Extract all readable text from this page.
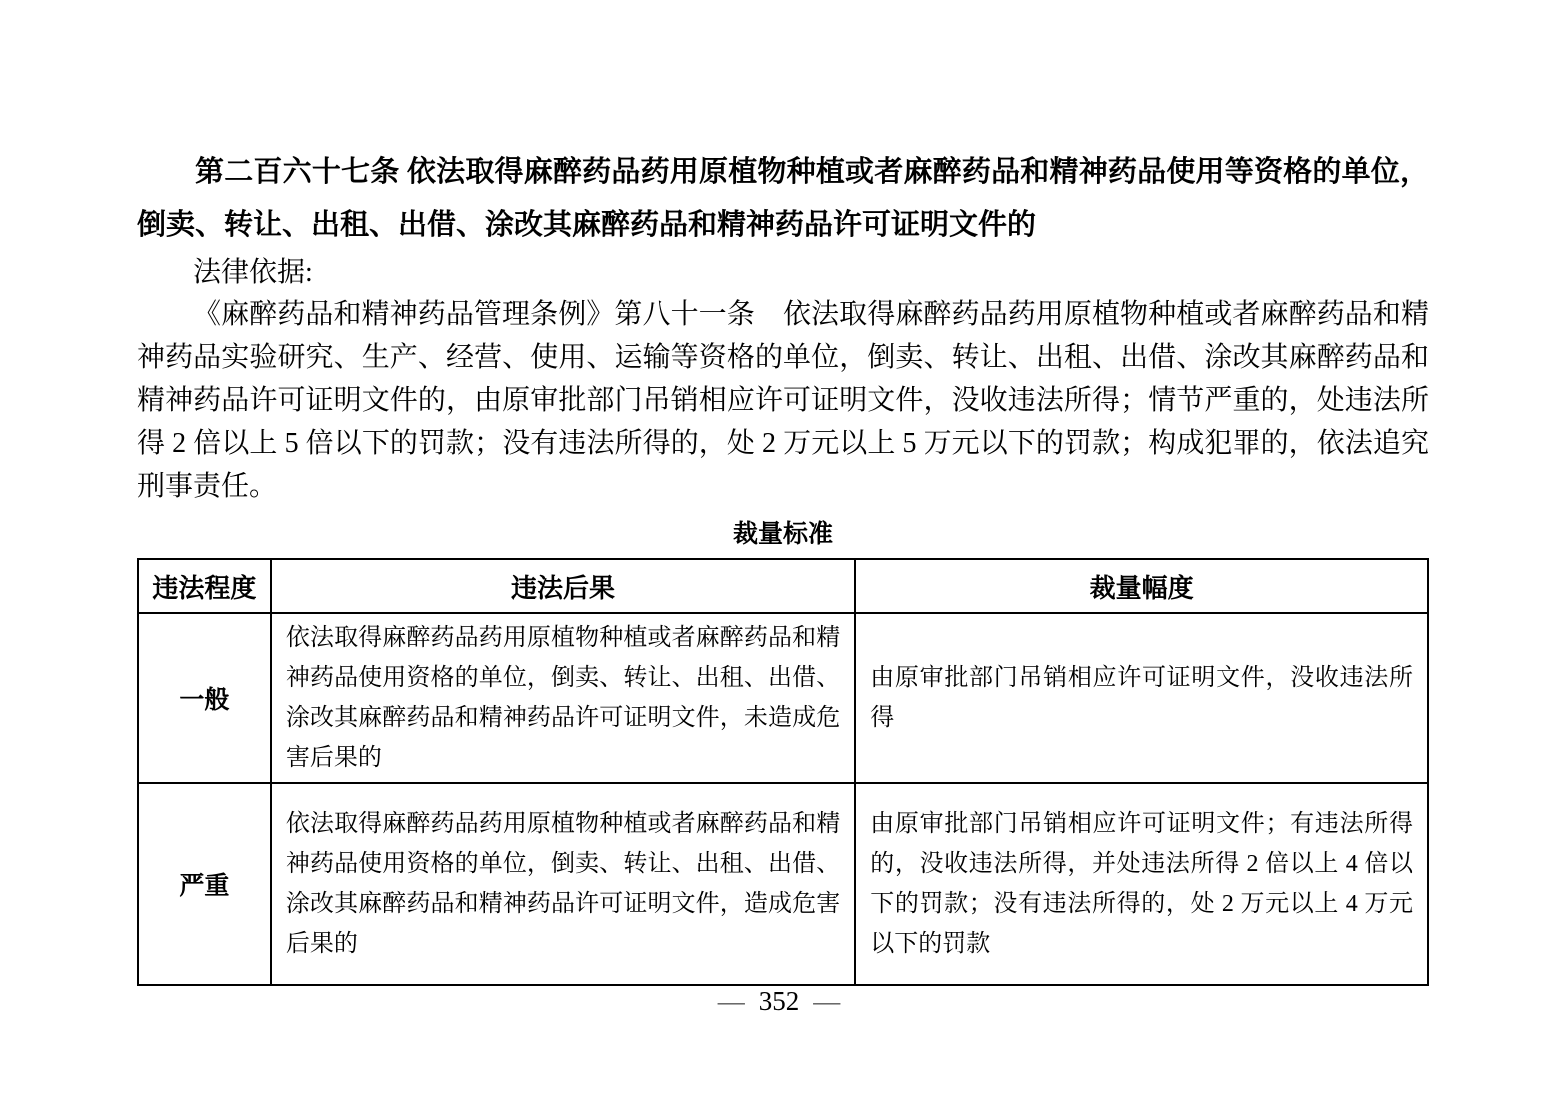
第二百六十七条 依法取得麻醉药品药用原植物种植或者麻醉药品和精神药品使用等资格的单位，倒卖、转让、出租、出借、涂改其麻醉药品和精神药品许可证明文件的

法律依据:

《麻醉药品和精神药品管理条例》第八十一条　依法取得麻醉药品药用原植物种植或者麻醉药品和精神药品实验研究、生产、经营、使用、运输等资格的单位，倒卖、转让、出租、出借、涂改其麻醉药品和精神药品许可证明文件的，由原审批部门吊销相应许可证明文件，没收违法所得；情节严重的，处违法所得 2 倍以上 5 倍以下的罚款；没有违法所得的，处 2 万元以上 5 万元以下的罚款；构成犯罪的，依法追究刑事责任。

裁量标准
违法程度	违法后果	裁量幅度
一般	依法取得麻醉药品药用原植物种植或者麻醉药品和精神药品使用资格的单位，倒卖、转让、出租、出借、涂改其麻醉药品和精神药品许可证明文件，未造成危害后果的	由原审批部门吊销相应许可证明文件，没收违法所得
严重	依法取得麻醉药品药用原植物种植或者麻醉药品和精神药品使用资格的单位，倒卖、转让、出租、出借、涂改其麻醉药品和精神药品许可证明文件，造成危害后果的	由原审批部门吊销相应许可证明文件；有违法所得的，没收违法所得，并处违法所得 2 倍以上 4 倍以下的罚款；没有违法所得的，处 2 万元以上 4 万元以下的罚款
— 352 —
